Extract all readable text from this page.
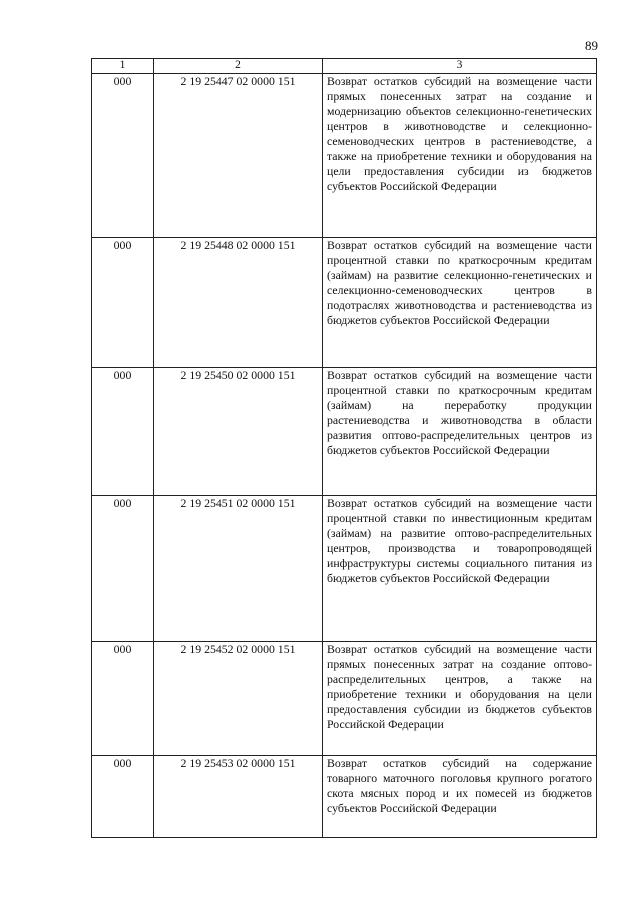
89
1	2	3
000	2 19 25447 02 0000 151	Возврат остатков субсидий на возмещение части прямых понесенных затрат на создание и модернизацию объектов селекционно-генетических центров в животноводстве и селекционно-семеноводческих центров в растениеводстве, а также на приобретение техники и оборудования на цели предоставления субсидии из бюджетов субъектов Российской Федерации
000	2 19 25448 02 0000 151	Возврат остатков субсидий на возмещение части процентной ставки по краткосрочным кредитам (займам) на развитие селекционно-генетических и селекционно-семеноводческих центров в подотраслях животноводства и растениеводства из бюджетов субъектов Российской Федерации
000	2 19 25450 02 0000 151	Возврат остатков субсидий на возмещение части процентной ставки по краткосрочным кредитам (займам) на переработку продукции растениеводства и животноводства в области развития оптово-распределительных центров из бюджетов субъектов Российской Федерации
000	2 19 25451 02 0000 151	Возврат остатков субсидий на возмещение части процентной ставки по инвестиционным кредитам (займам) на развитие оптово-распределительных центров, производства и товаропроводящей инфраструктуры системы социального питания из бюджетов субъектов Российской Федерации
000	2 19 25452 02 0000 151	Возврат остатков субсидий на возмещение части прямых понесенных затрат на создание оптово-распределительных центров, а также на приобретение техники и оборудования на цели предоставления субсидии из бюджетов субъектов Российской Федерации
000	2 19 25453 02 0000 151	Возврат остатков субсидий на содержание товарного маточного поголовья крупного рогатого скота мясных пород и их помесей из бюджетов субъектов Российской Федерации
